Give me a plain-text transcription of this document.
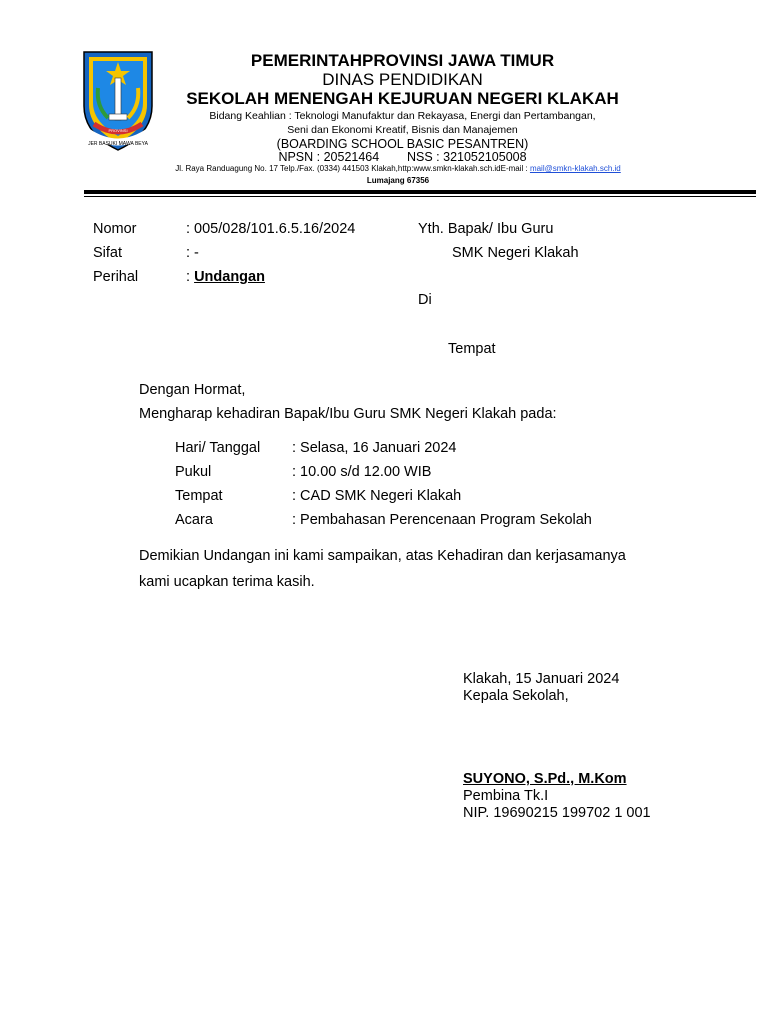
JER BASUKI MAWA BEYA
PROVINSI
PEMERINTAHPROVINSI JAWA TIMUR
DINAS PENDIDIKAN
SEKOLAH MENENGAH KEJURUAN NEGERI KLAKAH
Bidang Keahlian : Teknologi Manufaktur dan Rekayasa, Energi dan Pertambangan,
Seni dan Ekonomi Kreatif, Bisnis dan Manajemen
(BOARDING SCHOOL BASIC PESANTREN)
NPSN : 20521464 NSS : 321052105008
Jl. Raya Randuagung No. 17 Telp./Fax. (0334) 441503 Klakah,http:www.smkn-klakah.sch.idE-mail : mail@smkn-klakah.sch.id
Lumajang 67356
Nomor	: 005/028/101.6.5.16/2024
Sifat	: -
Perihal	: Undangan
Yth. Bapak/ Ibu Guru
SMK Negeri Klakah
Di
Tempat
Dengan Hormat,
Mengharap kehadiran Bapak/Ibu Guru SMK Negeri Klakah pada:
Hari/ Tanggal : Selasa, 16 Januari 2024
Pukul	: 10.00 s/d 12.00 WIB
Tempat	: CAD SMK Negeri Klakah
Acara	: Pembahasan Perencenaan Program Sekolah
Demikian Undangan ini kami sampaikan, atas Kehadiran dan kerjasamanya
kami ucapkan terima kasih.
Klakah, 15 Januari 2024
Kepala Sekolah,
SUYONO, S.Pd., M.Kom
Pembina Tk.I
NIP. 19690215 199702 1 001
